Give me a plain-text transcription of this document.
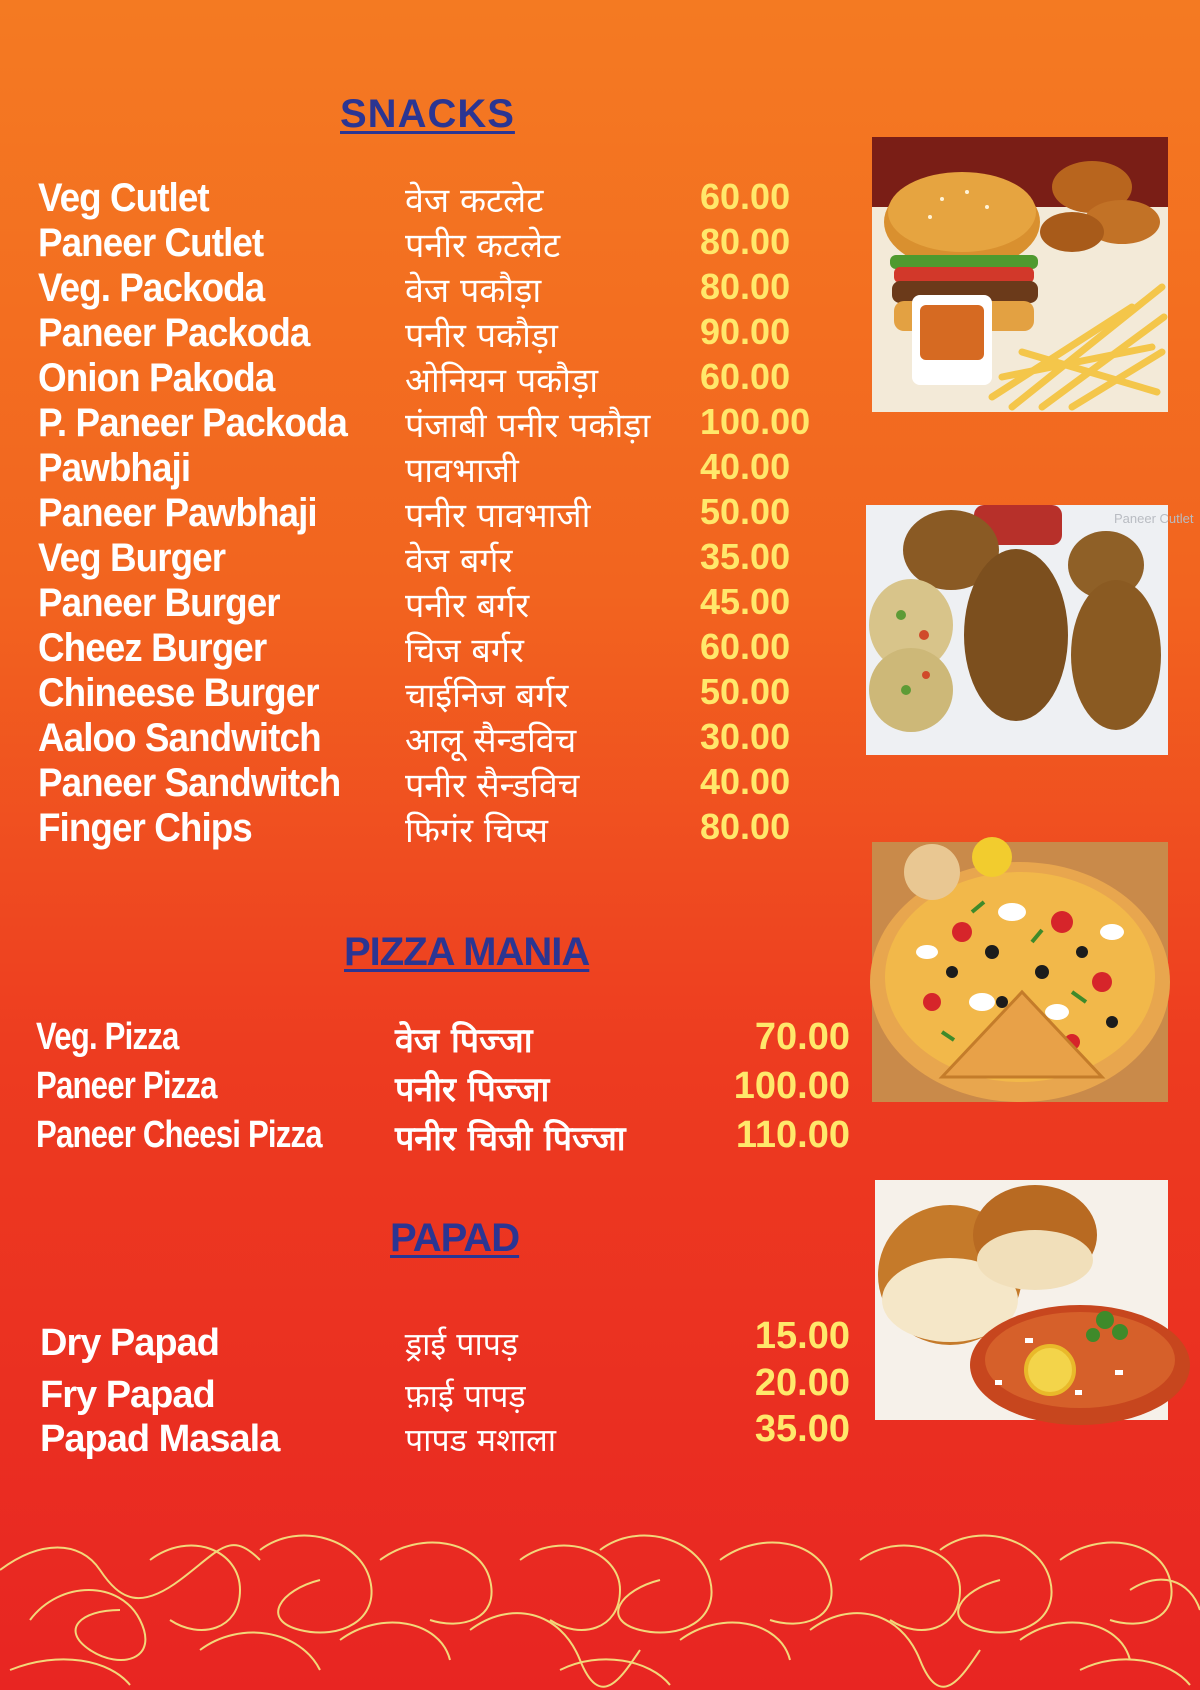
SNACKS
Veg Cutlet	वेज कटलेट	60.00
Paneer Cutlet	पनीर कटलेट	80.00
Veg. Packoda	वेज पकौड़ा	80.00
Paneer Packoda	पनीर पकौड़ा	90.00
Onion Pakoda	ओनियन पकौड़ा	60.00
P. Paneer Packoda पंजाबी पनीर पकौड़ा 100.00
Pawbhaji	पावभाजी	40.00
Paneer Pawbhaji	पनीर पावभाजी	50.00
Veg Burger	वेज बर्गर	35.00
Paneer Burger	पनीर बर्गर	45.00
Cheez Burger	चिज बर्गर	60.00
Chineese Burger	चाईनिज बर्गर	50.00
Aaloo Sandwitch आलू सैन्डविच	30.00
Paneer Sandwitch पनीर सैन्डविच	40.00
Finger Chips	फिगंर चिप्स	80.00
PIZZA MANIA
Veg. Pizza	वेज पिज्जा	70.00
Paneer Pizza	पनीर पिज्जा	100.00
Paneer Cheesi Pizza पनीर चिजी पिज्जा	110.00
PAPAD
Dry Papad	ड्राई पापड़	15.00
Fry Papad	फ़ाई पापड़	20.00
Papad Masala	पापड मशाला	35.00
Paneer Cutlet
